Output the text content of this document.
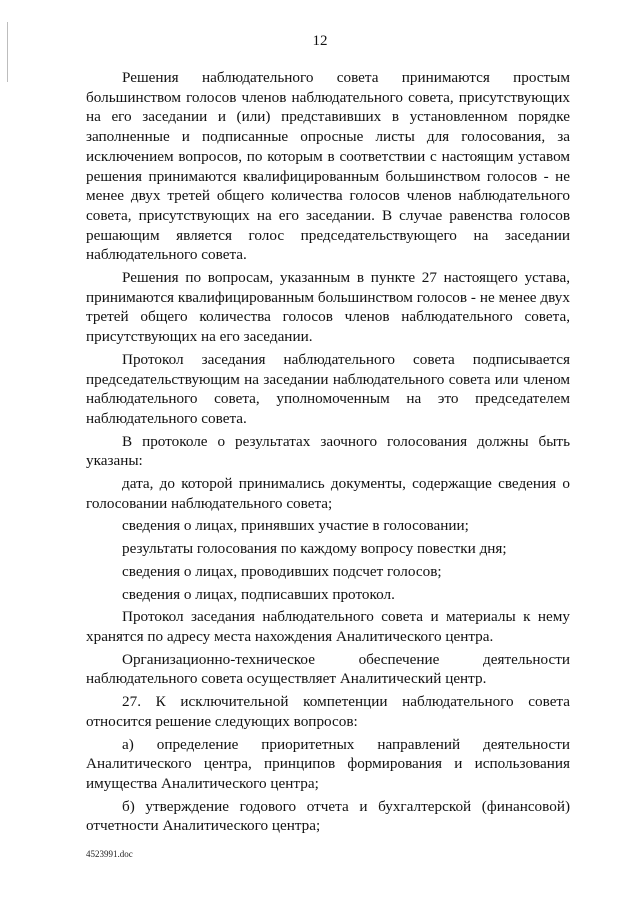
12

Решения наблюдательного совета принимаются простым большинством голосов членов наблюдательного совета, присутствующих на его заседании и (или) представивших в установленном порядке заполненные и подписанные опросные листы для голосования, за исключением вопросов, по которым в соответствии с настоящим уставом решения принимаются квалифицированным большинством голосов - не менее двух третей общего количества голосов членов наблюдательного совета, присутствующих на его заседании. В случае равенства голосов решающим является голос председательствующего на заседании наблюдательного совета.

Решения по вопросам, указанным в пункте 27 настоящего устава, принимаются квалифицированным большинством голосов - не менее двух третей общего количества голосов членов наблюдательного совета, присутствующих на его заседании.

Протокол заседания наблюдательного совета подписывается председательствующим на заседании наблюдательного совета или членом наблюдательного совета, уполномоченным на это председателем наблюдательного совета.

В протоколе о результатах заочного голосования должны быть указаны:

дата, до которой принимались документы, содержащие сведения о голосовании наблюдательного совета;

сведения о лицах, принявших участие в голосовании;

результаты голосования по каждому вопросу повестки дня;

сведения о лицах, проводивших подсчет голосов;

сведения о лицах, подписавших протокол.

Протокол заседания наблюдательного совета и материалы к нему хранятся по адресу места нахождения Аналитического центра.

Организационно-техническое обеспечение деятельности наблюдательного совета осуществляет Аналитический центр.

27. К исключительной компетенции наблюдательного совета относится решение следующих вопросов:

а) определение приоритетных направлений деятельности Аналитического центра, принципов формирования и использования имущества Аналитического центра;

б) утверждение годового отчета и бухгалтерской (финансовой) отчетности Аналитического центра;

4523991.doc
